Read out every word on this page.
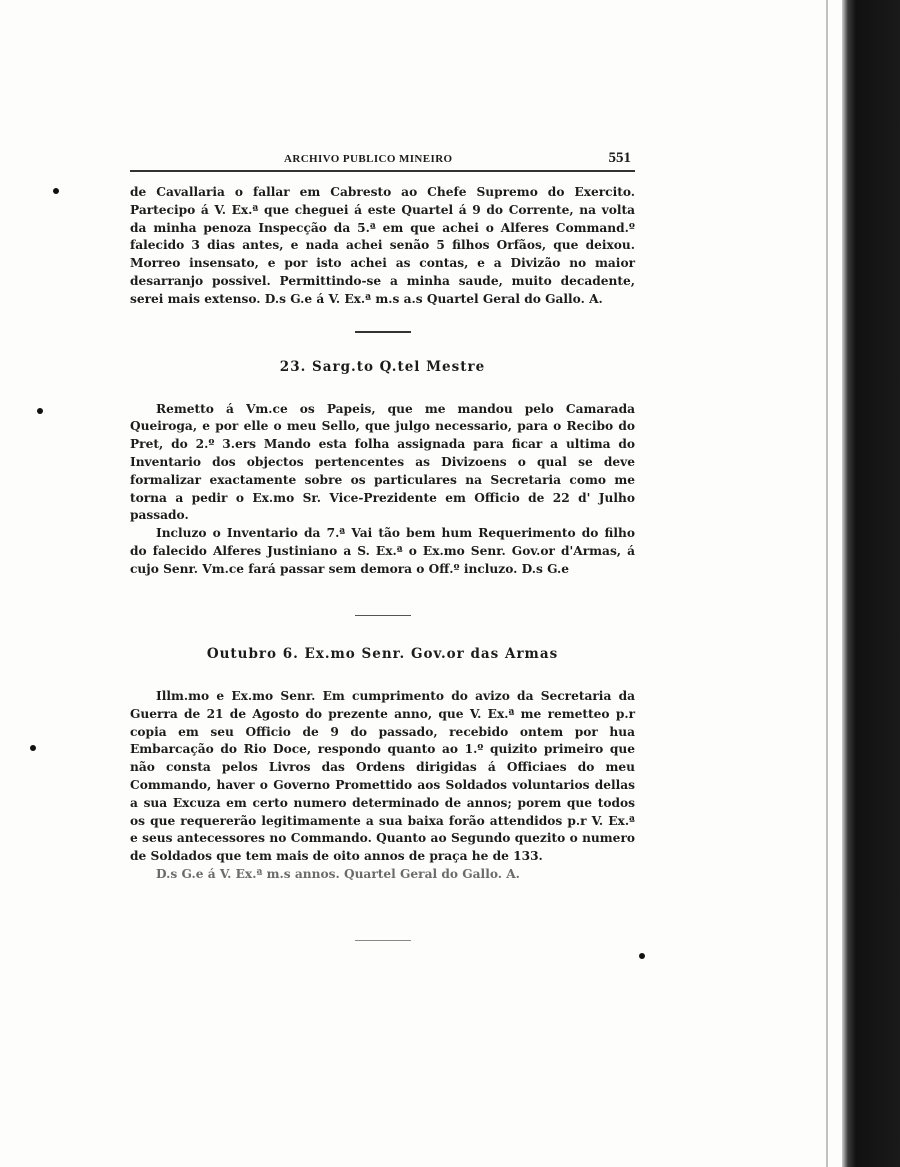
ARCHIVO PUBLICO MINEIRO	551

de Cavallaria o fallar em Cabresto ao Chefe Supremo do Exercito. Partecipo á V. Ex.ª que cheguei á este Quartel á 9 do Corrente, na volta da minha penoza Inspecção da 5.ª em que achei o Alferes Command.º falecido 3 dias antes, e nada achei senão 5 filhos Orfãos, que deixou. Morreo insensato, e por isto achei as contas, e a Divizão no maior desarranjo possivel. Permittindo-se a minha saude, muito decadente, serei mais extenso. D.s G.e á V. Ex.ª m.s a.s Quartel Geral do Gallo. A.

23. Sarg.to Q.tel Mestre

Remetto á Vm.ce os Papeis, que me mandou pelo Camarada Queiroga, e por elle o meu Sello, que julgo necessario, para o Recibo do Pret, do 2.º 3.ers Mando esta folha assignada para ficar a ultima do Inventario dos objectos pertencentes as Divizoens o qual se deve formalizar exactamente sobre os particulares na Secretaria como me torna a pedir o Ex.mo Sr. Vice-Prezidente em Officio de 22 d' Julho passado.

Incluzo o Inventario da 7.ª Vai tão bem hum Requerimento do filho do falecido Alferes Justiniano a S. Ex.ª o Ex.mo Senr. Gov.or d'Armas, á cujo Senr. Vm.ce fará passar sem demora o Off.º incluzo. D.s G.e

Outubro 6. Ex.mo Senr. Gov.or das Armas

Illm.mo e Ex.mo Senr. Em cumprimento do avizo da Secretaria da Guerra de 21 de Agosto do prezente anno, que V. Ex.ª me remetteo p.r copia em seu Officio de 9 do passado, recebido ontem por hua Embarcação do Rio Doce, respondo quanto ao 1.º quizito primeiro que não consta pelos Livros das Ordens dirigidas á Officiaes do meu Commando, haver o Governo Promettido aos Soldados voluntarios dellas a sua Excuza em certo numero determinado de annos; porem que todos os que requererão legitimamente a sua baixa forão attendidos p.r V. Ex.ª e seus antecessores no Commando. Quanto ao Segundo quezito o numero de Soldados que tem mais de oito annos de praça he de 133.

D.s G.e á V. Ex.ª m.s annos. Quartel Geral do Gallo. A.
